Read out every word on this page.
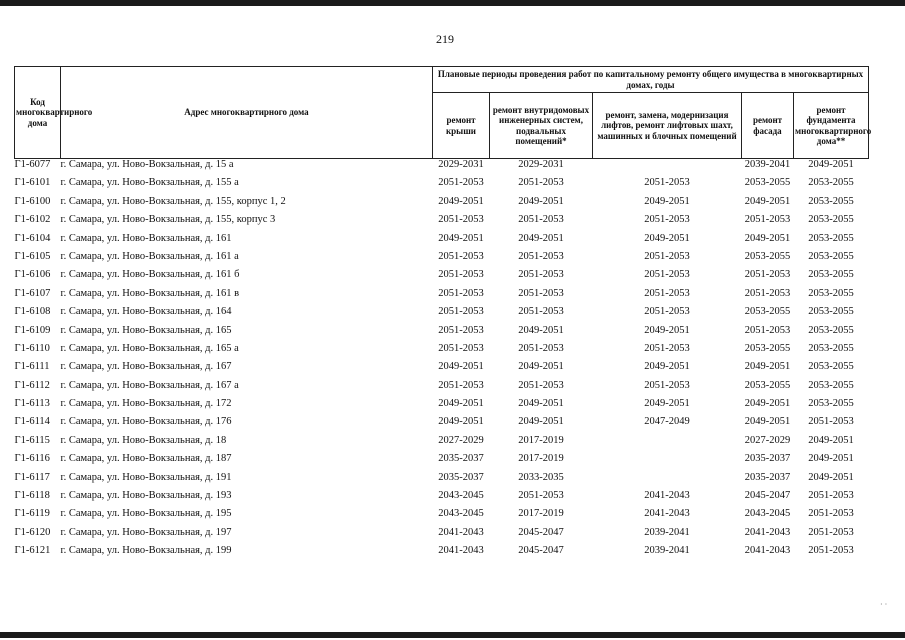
219
Код многоквартирного дома	Адрес многоквартирного дома	Плановые периоды проведения работ по капитальному ремонту общего имущества в многоквартирных домах, годы				
		ремонт крыши	ремонт внутридомовых инженерных систем, подвальных помещений*	ремонт, замена, модернизация лифтов, ремонт лифтовых шахт, машинных и блочных помещений	ремонт фасада	ремонт фундамента многоквартирного дома**
Г1-6077	г. Самара, ул. Ново-Вокзальная, д. 15 а	2029-2031	2029-2031		2039-2041	2049-2051
Г1-6101	г. Самара, ул. Ново-Вокзальная, д. 155 а	2051-2053	2051-2053	2051-2053	2053-2055	2053-2055
Г1-6100	г. Самара, ул. Ново-Вокзальная, д. 155, корпус 1, 2	2049-2051	2049-2051	2049-2051	2049-2051	2053-2055
Г1-6102	г. Самара, ул. Ново-Вокзальная, д. 155, корпус 3	2051-2053	2051-2053	2051-2053	2051-2053	2053-2055
Г1-6104	г. Самара, ул. Ново-Вокзальная, д. 161	2049-2051	2049-2051	2049-2051	2049-2051	2053-2055
Г1-6105	г. Самара, ул. Ново-Вокзальная, д. 161 а	2051-2053	2051-2053	2051-2053	2053-2055	2053-2055
Г1-6106	г. Самара, ул. Ново-Вокзальная, д. 161 б	2051-2053	2051-2053	2051-2053	2051-2053	2053-2055
Г1-6107	г. Самара, ул. Ново-Вокзальная, д. 161 в	2051-2053	2051-2053	2051-2053	2051-2053	2053-2055
Г1-6108	г. Самара, ул. Ново-Вокзальная, д. 164	2051-2053	2051-2053	2051-2053	2053-2055	2053-2055
Г1-6109	г. Самара, ул. Ново-Вокзальная, д. 165	2051-2053	2049-2051	2049-2051	2051-2053	2053-2055
Г1-6110	г. Самара, ул. Ново-Вокзальная, д. 165 а	2051-2053	2051-2053	2051-2053	2053-2055	2053-2055
Г1-6111	г. Самара, ул. Ново-Вокзальная, д. 167	2049-2051	2049-2051	2049-2051	2049-2051	2053-2055
Г1-6112	г. Самара, ул. Ново-Вокзальная, д. 167 а	2051-2053	2051-2053	2051-2053	2053-2055	2053-2055
Г1-6113	г. Самара, ул. Ново-Вокзальная, д. 172	2049-2051	2049-2051	2049-2051	2049-2051	2053-2055
Г1-6114	г. Самара, ул. Ново-Вокзальная, д. 176	2049-2051	2049-2051	2047-2049	2049-2051	2051-2053
Г1-6115	г. Самара, ул. Ново-Вокзальная, д. 18	2027-2029	2017-2019		2027-2029	2049-2051
Г1-6116	г. Самара, ул. Ново-Вокзальная, д. 187	2035-2037	2017-2019		2035-2037	2049-2051
Г1-6117	г. Самара, ул. Ново-Вокзальная, д. 191	2035-2037	2033-2035		2035-2037	2049-2051
Г1-6118	г. Самара, ул. Ново-Вокзальная, д. 193	2043-2045	2051-2053	2041-2043	2045-2047	2051-2053
Г1-6119	г. Самара, ул. Ново-Вокзальная, д. 195	2043-2045	2017-2019	2041-2043	2043-2045	2051-2053
Г1-6120	г. Самара, ул. Ново-Вокзальная, д. 197	2041-2043	2045-2047	2039-2041	2041-2043	2051-2053
Г1-6121	г. Самара, ул. Ново-Вокзальная, д. 199	2041-2043	2045-2047	2039-2041	2041-2043	2051-2053
· ·
